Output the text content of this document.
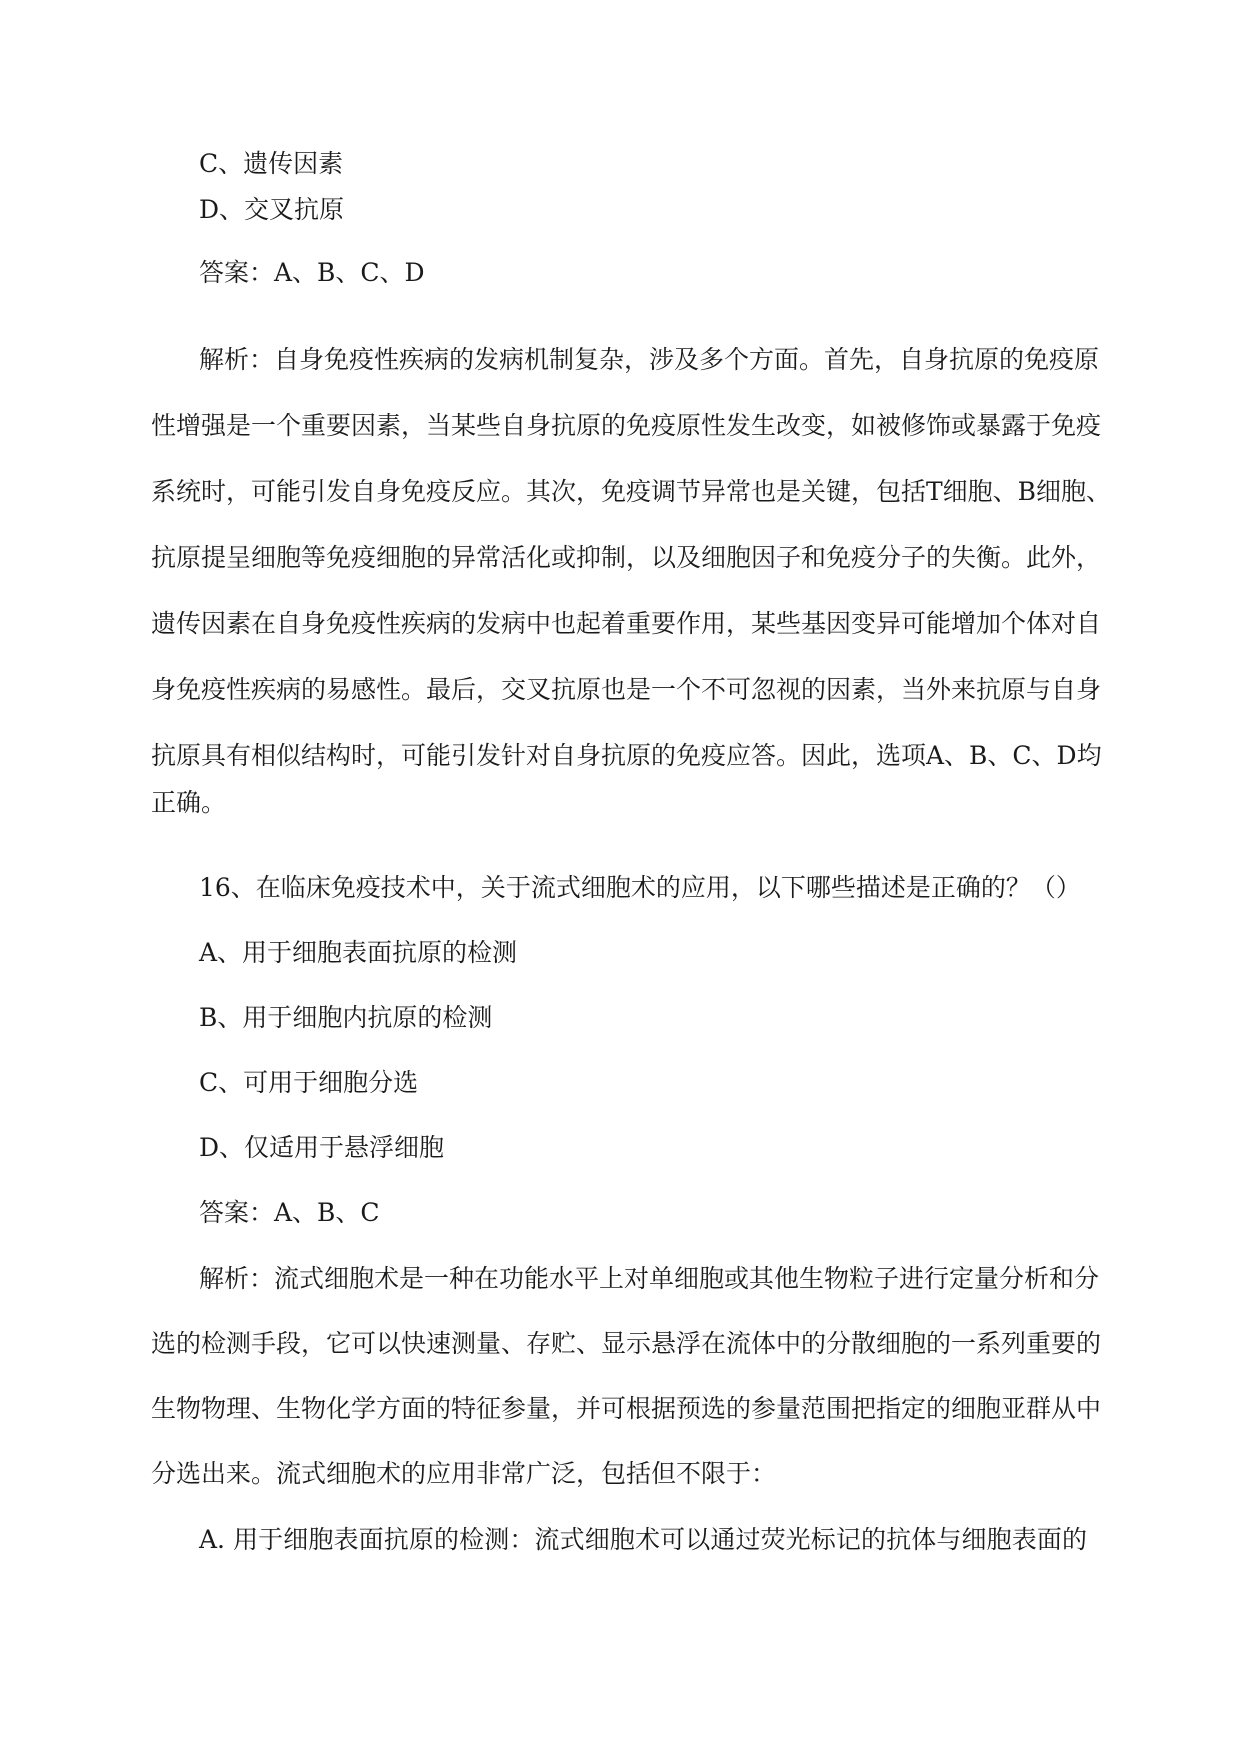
C、遗传因素
D、交叉抗原
答案：A、B、C、D
解析：自身免疫性疾病的发病机制复杂，涉及多个方面。首先，自身抗原的免疫原
性增强是一个重要因素，当某些自身抗原的免疫原性发生改变，如被修饰或暴露于免疫
系统时，可能引发自身免疫反应。其次，免疫调节异常也是关键，包括T细胞、B细胞、
抗原提呈细胞等免疫细胞的异常活化或抑制，以及细胞因子和免疫分子的失衡。此外，
遗传因素在自身免疫性疾病的发病中也起着重要作用，某些基因变异可能增加个体对自
身免疫性疾病的易感性。最后，交叉抗原也是一个不可忽视的因素，当外来抗原与自身
抗原具有相似结构时，可能引发针对自身抗原的免疫应答。因此，选项A、B、C、D均
正确。
16、在临床免疫技术中，关于流式细胞术的应用，以下哪些描述是正确的？（）
A、用于细胞表面抗原的检测
B、用于细胞内抗原的检测
C、可用于细胞分选
D、仅适用于悬浮细胞
答案：A、B、C
解析：流式细胞术是一种在功能水平上对单细胞或其他生物粒子进行定量分析和分
选的检测手段，它可以快速测量、存贮、显示悬浮在流体中的分散细胞的一系列重要的
生物物理、生物化学方面的特征参量，并可根据预选的参量范围把指定的细胞亚群从中
分选出来。流式细胞术的应用非常广泛，包括但不限于：
A. 用于细胞表面抗原的检测：流式细胞术可以通过荧光标记的抗体与细胞表面的
